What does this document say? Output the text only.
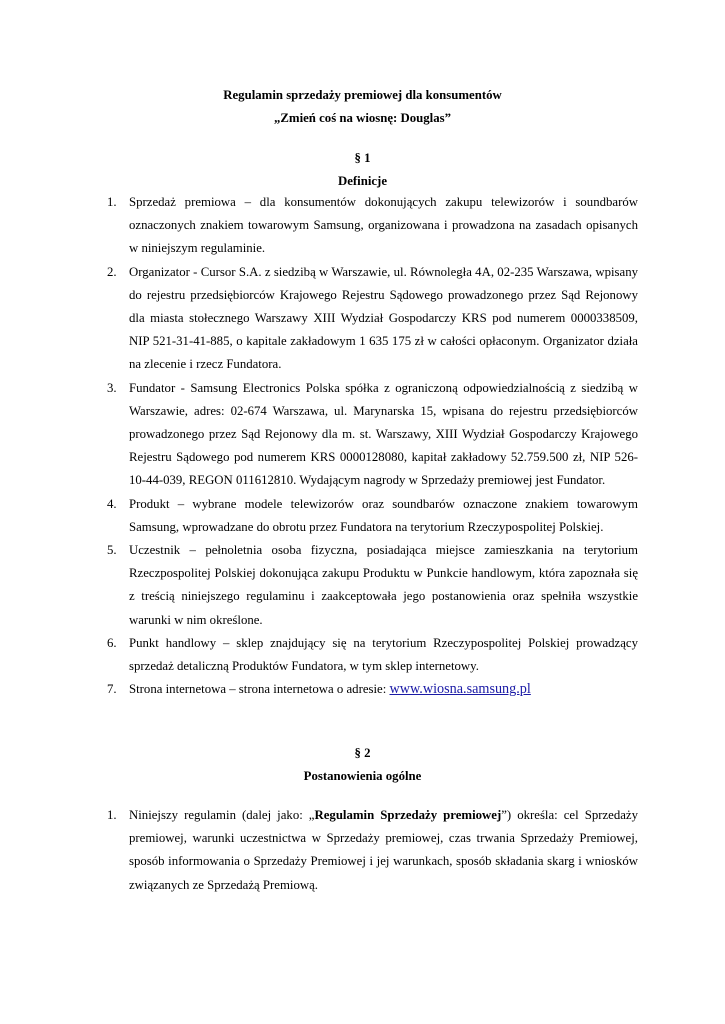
Regulamin sprzedaży premiowej dla konsumentów
„Zmień coś na wiosnę: Douglas”
§ 1
Definicje
1. Sprzedaż premiowa – dla konsumentów dokonujących zakupu telewizorów i soundbarów oznaczonych znakiem towarowym Samsung, organizowana i prowadzona na zasadach opisanych w niniejszym regulaminie.
2. Organizator - Cursor S.A. z siedzibą w Warszawie, ul. Równoległa 4A, 02-235 Warszawa, wpisany do rejestru przedsiębiorców Krajowego Rejestru Sądowego prowadzonego przez Sąd Rejonowy dla miasta stołecznego Warszawy XIII Wydział Gospodarczy KRS pod numerem 0000338509, NIP 521-31-41-885, o kapitale zakładowym 1 635 175 zł w całości opłaconym. Organizator działa na zlecenie i rzecz Fundatora.
3. Fundator - Samsung Electronics Polska spółka z ograniczoną odpowiedzialnością z siedzibą w Warszawie, adres: 02-674 Warszawa, ul. Marynarska 15, wpisana do rejestru przedsiębiorców prowadzonego przez Sąd Rejonowy dla m. st. Warszawy, XIII Wydział Gospodarczy Krajowego Rejestru Sądowego pod numerem KRS 0000128080, kapitał zakładowy 52.759.500 zł, NIP 526-10-44-039, REGON 011612810. Wydającym nagrody w Sprzedaży premiowej jest Fundator.
4. Produkt – wybrane modele telewizorów oraz soundbarów oznaczone znakiem towarowym Samsung, wprowadzane do obrotu przez Fundatora na terytorium Rzeczypospolitej Polskiej.
5. Uczestnik – pełnoletnia osoba fizyczna, posiadająca miejsce zamieszkania na terytorium Rzeczpospolitej Polskiej dokonująca zakupu Produktu w Punkcie handlowym, która zapoznała się z treścią niniejszego regulaminu i zaakceptowała jego postanowienia oraz spełniła wszystkie warunki w nim określone.
6. Punkt handlowy – sklep znajdujący się na terytorium Rzeczypospolitej Polskiej prowadzący sprzedaż detaliczną Produktów Fundatora, w tym sklep internetowy.
7. Strona internetowa – strona internetowa o adresie: www.wiosna.samsung.pl
§ 2
Postanowienia ogólne
1. Niniejszy regulamin (dalej jako: „Regulamin Sprzedaży premiowej”) określa: cel Sprzedaży premiowej, warunki uczestnictwa w Sprzedaży premiowej, czas trwania Sprzedaży Premiowej, sposób informowania o Sprzedaży Premiowej i jej warunkach, sposób składania skarg i wniosków związanych ze Sprzedażą Premiową.
